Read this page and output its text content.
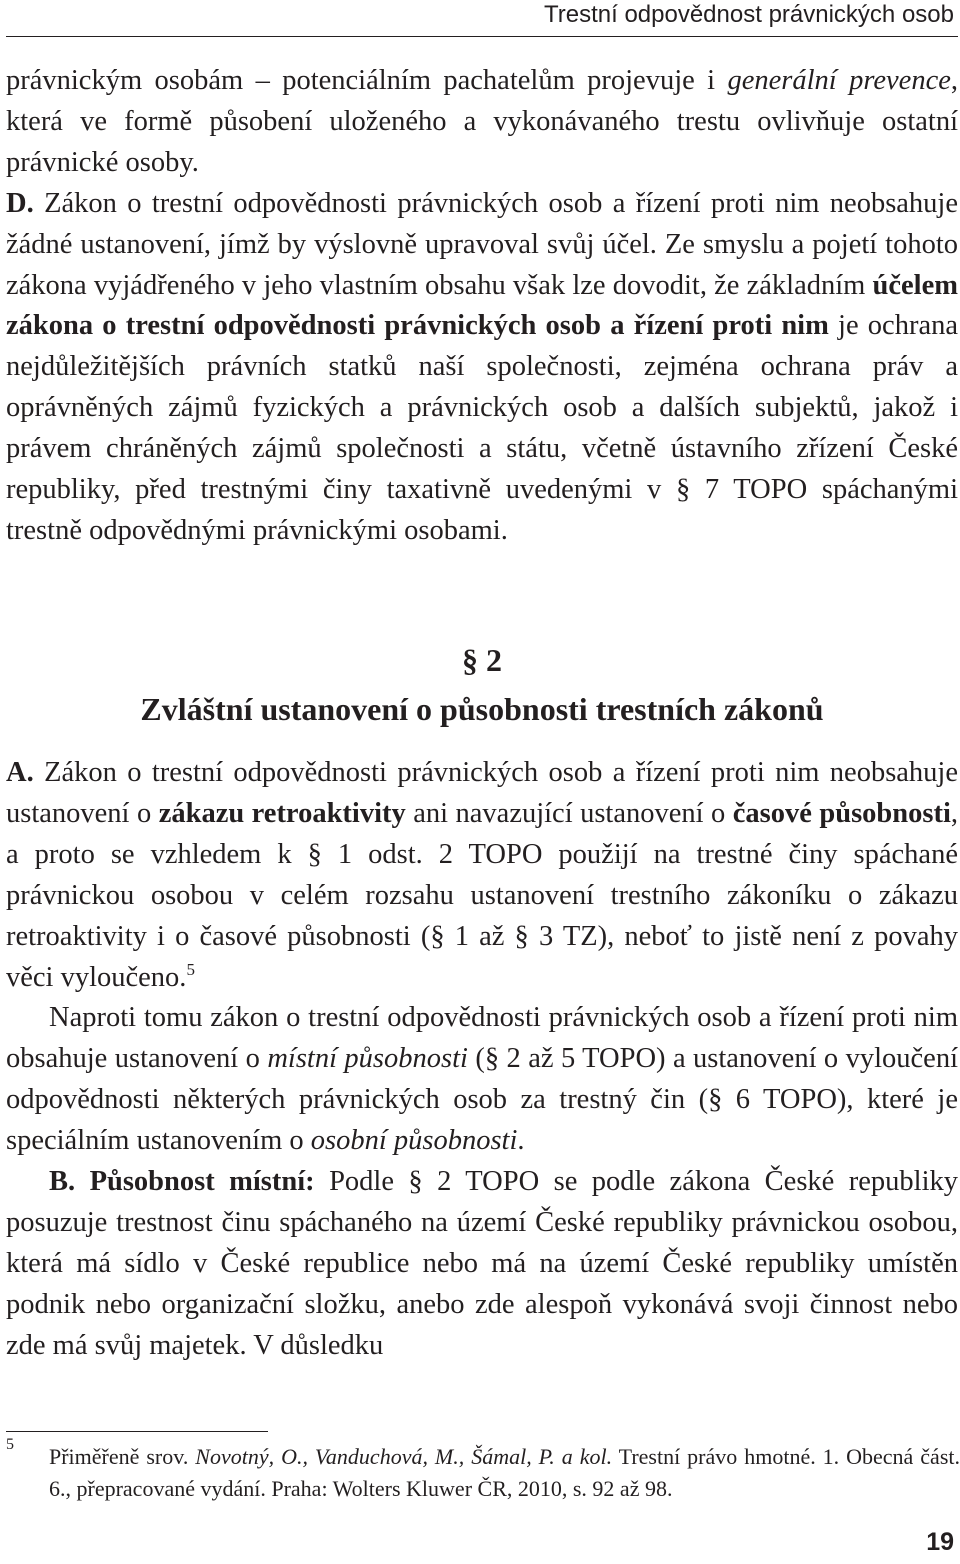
Trestní odpovědnost právnických osob

právnickým osobám – potenciálním pachatelům projevuje i generální prevence, která ve formě působení uloženého a vykonávaného trestu ovlivňuje ostatní právnické osoby.

D. Zákon o trestní odpovědnosti právnických osob a řízení proti nim neobsahuje žádné ustanovení, jímž by výslovně upravoval svůj účel. Ze smyslu a pojetí tohoto zákona vyjádřeného v jeho vlastním obsahu však lze dovodit, že základním účelem zákona o trestní odpovědnosti právnických osob a řízení proti nim je ochrana nejdůležitějších právních statků naší společnosti, zejména ochrana práv a oprávněných zájmů fyzických a právnických osob a dalších subjektů, jakož i právem chráněných zájmů společnosti a státu, včetně ústavního zřízení České republiky, před trestnými činy taxativně uvedenými v § 7 TOPO spáchanými trestně odpovědnými právnickými osobami.

§ 2
Zvláštní ustanovení o působnosti trestních zákonů

A. Zákon o trestní odpovědnosti právnických osob a řízení proti nim neobsahuje ustanovení o zákazu retroaktivity ani navazující ustanovení o časové působnosti, a proto se vzhledem k § 1 odst. 2 TOPO použijí na trestné činy spáchané právnickou osobou v celém rozsahu ustanovení trestního zákoníku o zákazu retroaktivity i o časové působnosti (§ 1 až § 3 TZ), neboť to jistě není z povahy věci vyloučeno.$^5$

Naproti tomu zákon o trestní odpovědnosti právnických osob a řízení proti nim obsahuje ustanovení o místní působnosti (§ 2 až 5 TOPO) a ustanovení o vyloučení odpovědnosti některých právnických osob za trestný čin (§ 6 TOPO), které je speciálním ustanovením o osobní působnosti.

B. Působnost místní: Podle § 2 TOPO se podle zákona České republiky posuzuje trestnost činu spáchaného na území České republiky právnickou osobou, která má sídlo v České republice nebo má na území České republiky umístěn podnik nebo organizační složku, anebo zde alespoň vykonává svoji činnost nebo zde má svůj majetek. V důsledku

5 Přiměřeně srov. Novotný, O., Vanduchová, M., Šámal, P. a kol. Trestní právo hmotné. 1. Obecná část. 6., přepracované vydání. Praha: Wolters Kluwer ČR, 2010, s. 92 až 98.
19
